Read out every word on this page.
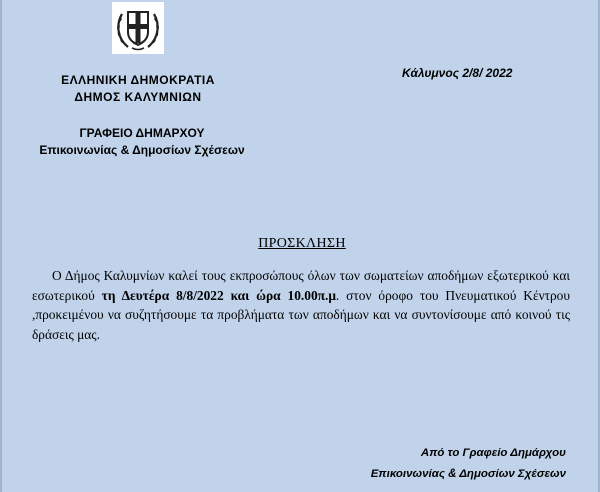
ΕΛΛΗΝΙΚΗ ΔΗΜΟΚΡΑΤΙΑ
ΔΗΜΟΣ ΚΑΛΥΜΝΙΩΝ
ΓΡΑΦΕΙΟ ΔΗΜΑΡΧΟΥ
Επικοινωνίας & Δημοσίων Σχέσεων
Κάλυμνος 2/8/ 2022
ΠΡΟΣΚΛΗΣΗ

Ο Δήμος Καλυμνίων καλεί τους εκπροσώπους όλων των σωματείων αποδήμων εξωτερικού και εσωτερικού τη Δευτέρα 8/8/2022 και ώρα 10.00π.μ. στον όροφο του Πνευματικού Κέντρου ,προκειμένου να συζητήσουμε τα προβλήματα των αποδήμων και να συντονίσουμε από κοινού τις δράσεις μας.

Από το Γραφείο Δημάρχου
Επικοινωνίας & Δημοσίων Σχέσεων
